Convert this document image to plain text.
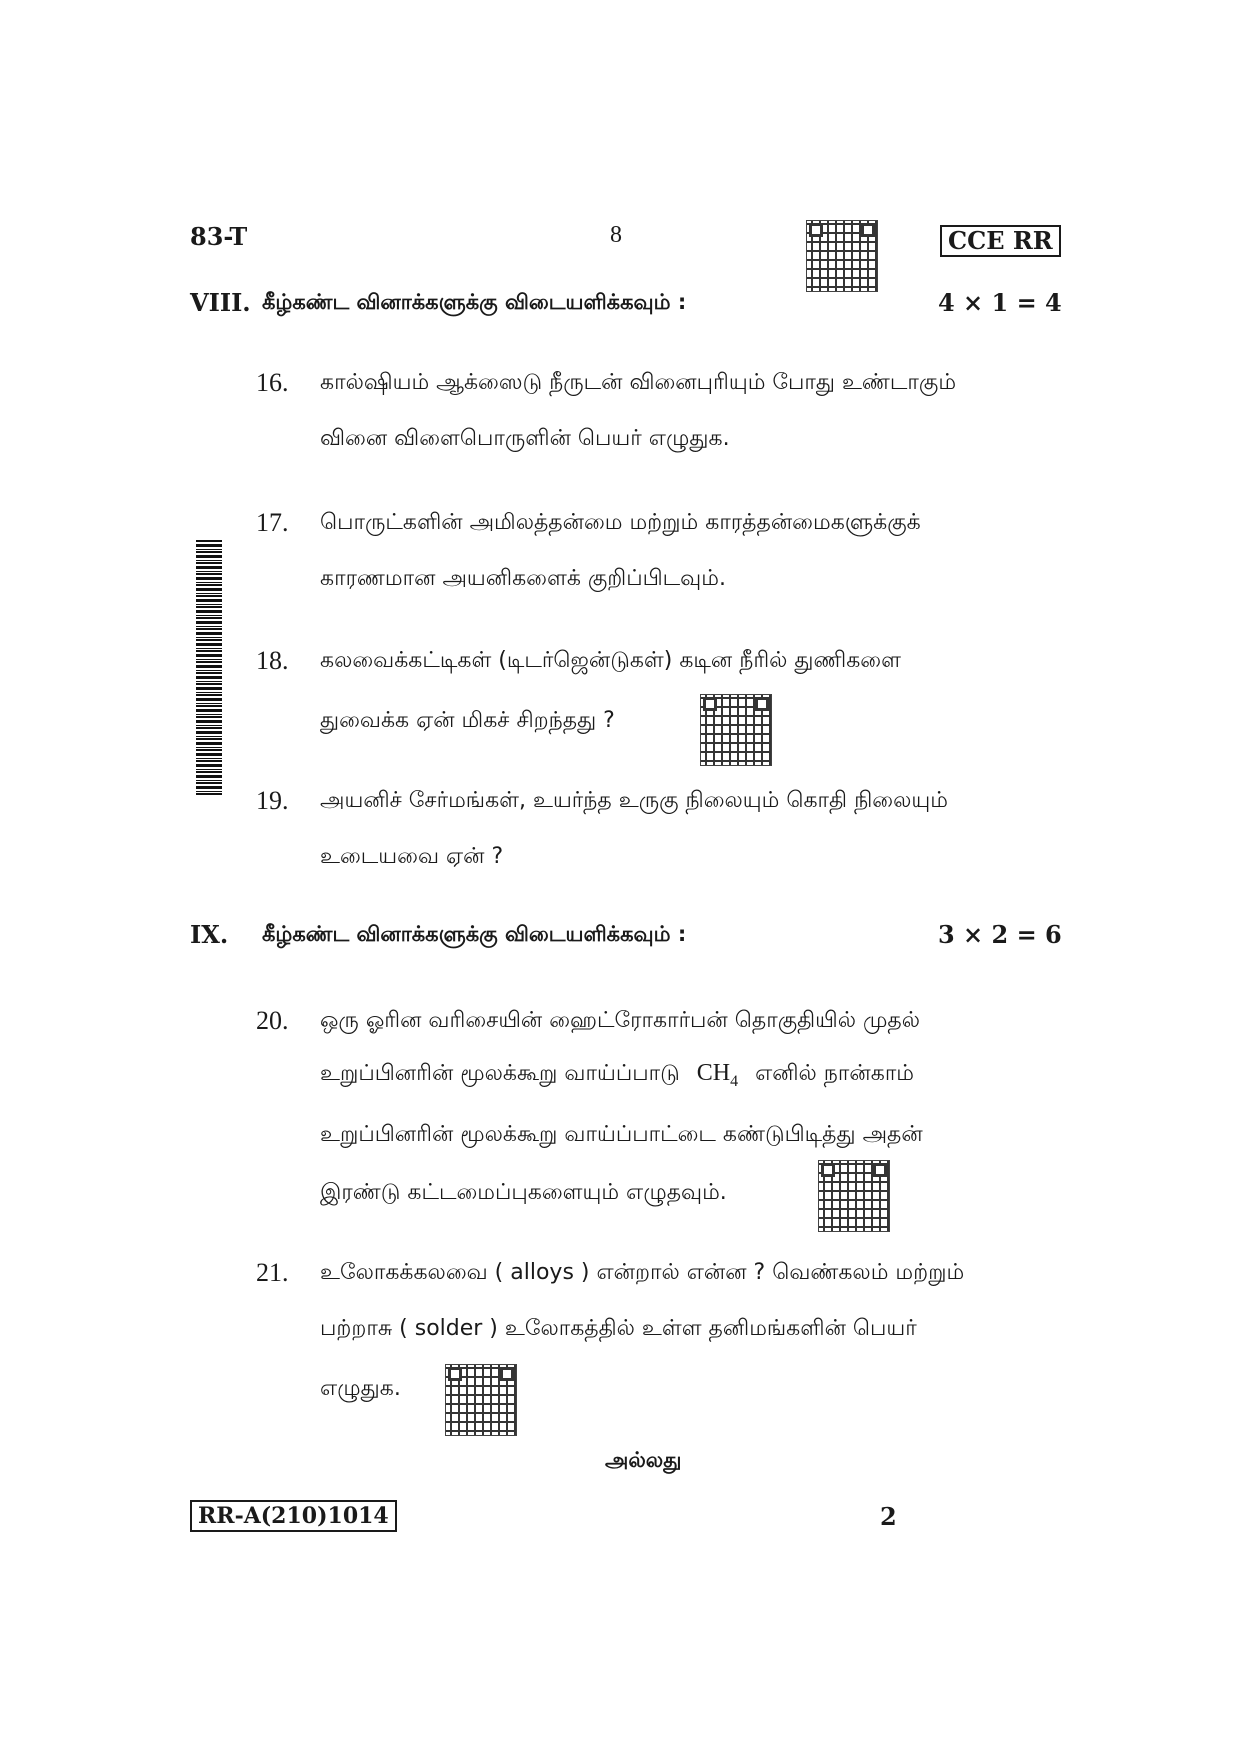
83-T	8	CCE RR
VIII. கீழ்கண்ட வினாக்களுக்கு விடையளிக்கவும் :	4 × 1 = 4
16. கால்ஷியம் ஆக்ஸைடு நீருடன் வினைபுரியும் போது உண்டாகும்
வினை விளைபொருளின் பெயர் எழுதுக.
17. பொருட்களின் அமிலத்தன்மை மற்றும் காரத்தன்மைகளுக்குக்
காரணமான அயனிகளைக் குறிப்பிடவும்.
18. கலவைக்கட்டிகள் (டிடர்ஜென்டுகள்) கடின நீரில் துணிகளை
துவைக்க ஏன் மிகச் சிறந்தது ?
19. அயனிச் சேர்மங்கள், உயர்ந்த உருகு நிலையும் கொதி நிலையும்
உடையவை ஏன் ?
IX. கீழ்கண்ட வினாக்களுக்கு விடையளிக்கவும் :	3 × 2 = 6
20. ஒரு ஓரின வரிசையின் ஹைட்ரோகார்பன் தொகுதியில் முதல்
உறுப்பினரின் மூலக்கூறு வாய்ப்பாடு $CH_4$ எனில் நான்காம்
உறுப்பினரின் மூலக்கூறு வாய்ப்பாட்டை கண்டுபிடித்து அதன்
இரண்டு கட்டமைப்புகளையும் எழுதவும்.
21. உலோகக்கலவை ( alloys ) என்றால் என்ன ? வெண்கலம் மற்றும்
பற்றாசு ( solder ) உலோகத்தில் உள்ள தனிமங்களின் பெயர்
எழுதுக.
அல்லது
RR-A(210)1014	2
